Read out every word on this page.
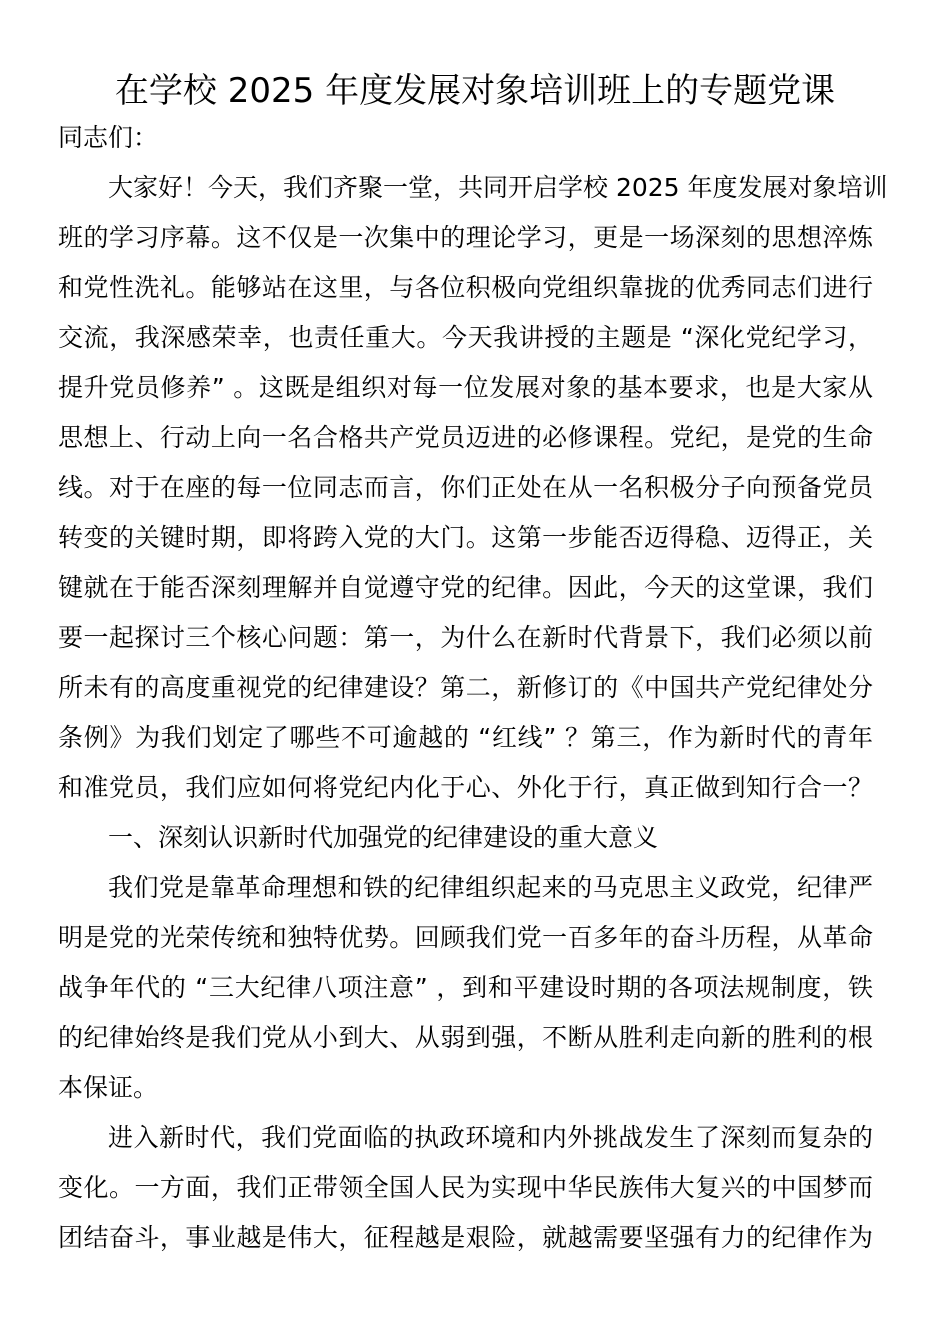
在学校 2025 年度发展对象培训班上的专题党课
同志们：
大家好！今天，我们齐聚一堂，共同开启学校 2025 年度发展对象培训
班的学习序幕。这不仅是一次集中的理论学习，更是一场深刻的思想淬炼
和党性洗礼。能够站在这里，与各位积极向党组织靠拢的优秀同志们进行
交流，我深感荣幸，也责任重大。今天我讲授的主题是 “深化党纪学习，
提升党员修养” 。这既是组织对每一位发展对象的基本要求，也是大家从
思想上、行动上向一名合格共产党员迈进的必修课程。党纪，是党的生命
线。对于在座的每一位同志而言，你们正处在从一名积极分子向预备党员
转变的关键时期，即将跨入党的大门。这第一步能否迈得稳、迈得正，关
键就在于能否深刻理解并自觉遵守党的纪律。因此，今天的这堂课，我们
要一起探讨三个核心问题：第一，为什么在新时代背景下，我们必须以前
所未有的高度重视党的纪律建设？第二，新修订的《中国共产党纪律处分
条例》为我们划定了哪些不可逾越的 “红线” ？第三，作为新时代的青年
和准党员，我们应如何将党纪内化于心、外化于行，真正做到知行合一？
一、深刻认识新时代加强党的纪律建设的重大意义
我们党是靠革命理想和铁的纪律组织起来的马克思主义政党，纪律严
明是党的光荣传统和独特优势。回顾我们党一百多年的奋斗历程，从革命
战争年代的 “三大纪律八项注意” ，到和平建设时期的各项法规制度，铁
的纪律始终是我们党从小到大、从弱到强，不断从胜利走向新的胜利的根
本保证。
进入新时代，我们党面临的执政环境和内外挑战发生了深刻而复杂的
变化。一方面，我们正带领全国人民为实现中华民族伟大复兴的中国梦而
团结奋斗，事业越是伟大，征程越是艰险，就越需要坚强有力的纪律作为
